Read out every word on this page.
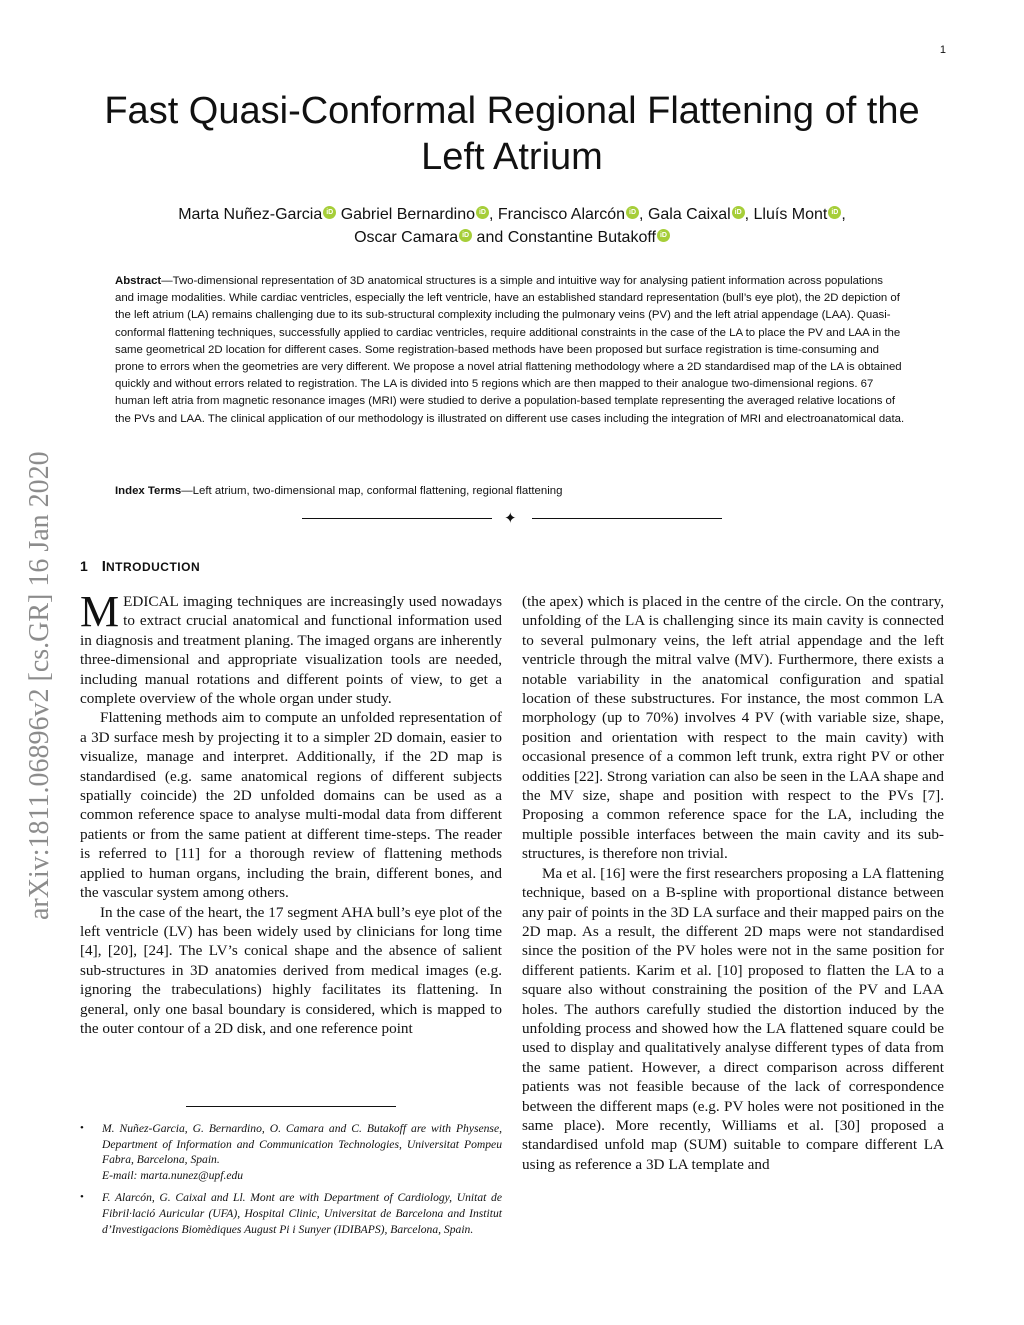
1
arXiv:1811.06896v2 [cs.GR] 16 Jan 2020
Fast Quasi-Conformal Regional Flattening of the Left Atrium
Marta Nuñez-Garcia iD Gabriel Bernardino iD , Francisco Alarcón iD , Gala Caixal iD , Lluís Mont iD ,
Oscar Camara iD and Constantine Butakoff iD

Abstract—Two-dimensional representation of 3D anatomical structures is a simple and intuitive way for analysing patient information across populations and image modalities. While cardiac ventricles, especially the left ventricle, have an established standard representation (bull’s eye plot), the 2D depiction of the left atrium (LA) remains challenging due to its sub-structural complexity including the pulmonary veins (PV) and the left atrial appendage (LAA). Quasi-conformal flattening techniques, successfully applied to cardiac ventricles, require additional constraints in the case of the LA to place the PV and LAA in the same geometrical 2D location for different cases. Some registration-based methods have been proposed but surface registration is time-consuming and prone to errors when the geometries are very different. We propose a novel atrial flattening methodology where a 2D standardised map of the LA is obtained quickly and without errors related to registration. The LA is divided into 5 regions which are then mapped to their analogue two-dimensional regions. 67 human left atria from magnetic resonance images (MRI) were studied to derive a population-based template representing the averaged relative locations of the PVs and LAA. The clinical application of our methodology is illustrated on different use cases including the integration of MRI and electroanatomical data.

Index Terms—Left atrium, two-dimensional map, conformal flattening, regional flattening

✦
1 INTRODUCTION

MEDICAL imaging techniques are increasingly used nowadays to extract crucial anatomical and functional information used in diagnosis and treatment planing. The imaged organs are inherently three-dimensional and appropriate visualization tools are needed, including manual rotations and different points of view, to get a complete overview of the whole organ under study.

Flattening methods aim to compute an unfolded representation of a 3D surface mesh by projecting it to a simpler 2D domain, easier to visualize, manage and interpret. Additionally, if the 2D map is standardised (e.g. same anatomical regions of different subjects spatially coincide) the 2D unfolded domains can be used as a common reference space to analyse multi-modal data from different patients or from the same patient at different time-steps. The reader is referred to [11] for a thorough review of flattening methods applied to human organs, including the brain, different bones, and the vascular system among others.

In the case of the heart, the 17 segment AHA bull’s eye plot of the left ventricle (LV) has been widely used by clinicians for long time [4], [20], [24]. The LV’s conical shape and the absence of salient sub-structures in 3D anatomies derived from medical images (e.g. ignoring the trabeculations) highly facilitates its flattening. In general, only one basal boundary is considered, which is mapped to the outer contour of a 2D disk, and one reference point

• M. Nuñez-Garcia, G. Bernardino, O. Camara and C. Butakoff are with Physense, Department of Information and Communication Technologies, Universitat Pompeu Fabra, Barcelona, Spain.
E-mail: marta.nunez@upf.edu
• F. Alarcón, G. Caixal and Ll. Mont are with Department of Cardiology, Unitat de Fibril·lació Auricular (UFA), Hospital Clinic, Universitat de Barcelona and Institut d’Investigacions Biomèdiques August Pi i Sunyer (IDIBAPS), Barcelona, Spain.

(the apex) which is placed in the centre of the circle. On the contrary, unfolding of the LA is challenging since its main cavity is connected to several pulmonary veins, the left atrial appendage and the left ventricle through the mitral valve (MV). Furthermore, there exists a notable variability in the anatomical configuration and spatial location of these substructures. For instance, the most common LA morphology (up to 70%) involves 4 PV (with variable size, shape, position and orientation with respect to the main cavity) with occasional presence of a common left trunk, extra right PV or other oddities [22]. Strong variation can also be seen in the LAA shape and the MV size, shape and position with respect to the PVs [7]. Proposing a common reference space for the LA, including the multiple possible interfaces between the main cavity and its sub-structures, is therefore non trivial.

Ma et al. [16] were the first researchers proposing a LA flattening technique, based on a B-spline with proportional distance between any pair of points in the 3D LA surface and their mapped pairs on the 2D map. As a result, the different 2D maps were not standardised since the position of the PV holes were not in the same position for different patients. Karim et al. [10] proposed to flatten the LA to a square also without constraining the position of the PV and LAA holes. The authors carefully studied the distortion induced by the unfolding process and showed how the LA flattened square could be used to display and qualitatively analyse different types of data from the same patient. However, a direct comparison across different patients was not feasible because of the lack of correspondence between the different maps (e.g. PV holes were not positioned in the same place). More recently, Williams et al. [30] proposed a standardised unfold map (SUM) suitable to compare different LA using as reference a 3D LA template and
